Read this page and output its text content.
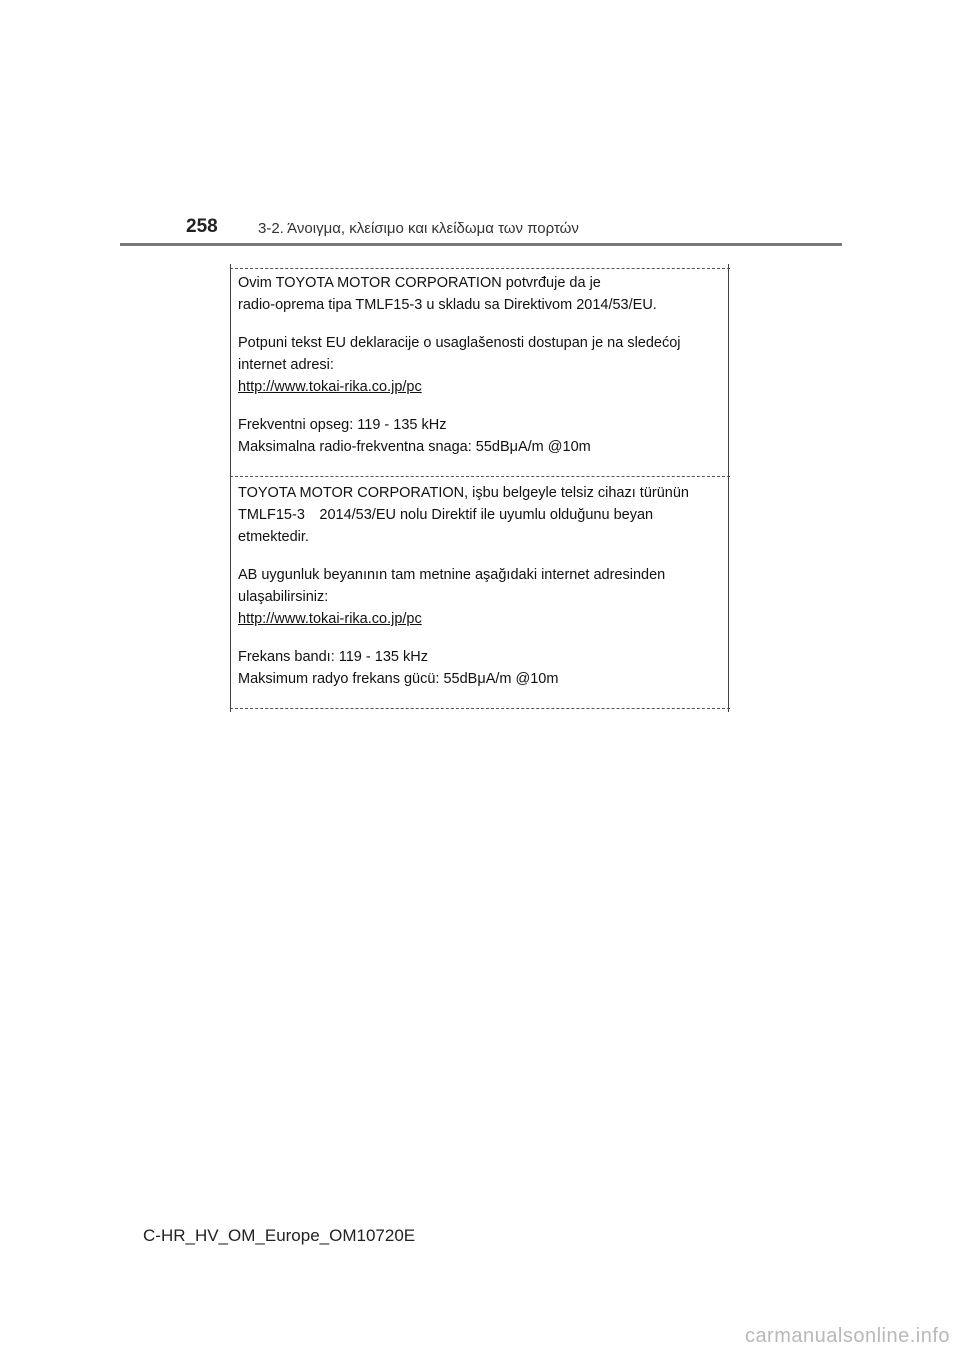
258	3-2. Άνοιγμα, κλείσιμο και κλείδωμα των πορτών

Ovim TOYOTA MOTOR CORPORATION potvrđuje da je

radio-oprema tipa TMLF15-3 u skladu sa Direktivom 2014/53/EU.

Potpuni tekst EU deklaracije o usaglašenosti dostupan je na sledećoj

internet adresi:

http://www.tokai-rika.co.jp/pc

Frekventni opseg: 119 - 135 kHz

Maksimalna radio-frekventna snaga: 55dBμA/m @10m

TOYOTA MOTOR CORPORATION, işbu belgeyle telsiz cihazı türünün

TMLF15-3　2014/53/EU nolu Direktif ile uyumlu olduğunu beyan

etmektedir.

AB uygunluk beyanının tam metnine aşağıdaki internet adresinden

ulaşabilirsiniz:

http://www.tokai-rika.co.jp/pc

Frekans bandı: 119 - 135 kHz

Maksimum radyo frekans gücü: 55dBμA/m @10m

C-HR_HV_OM_Europe_OM10720E
carmanualsonline.info
